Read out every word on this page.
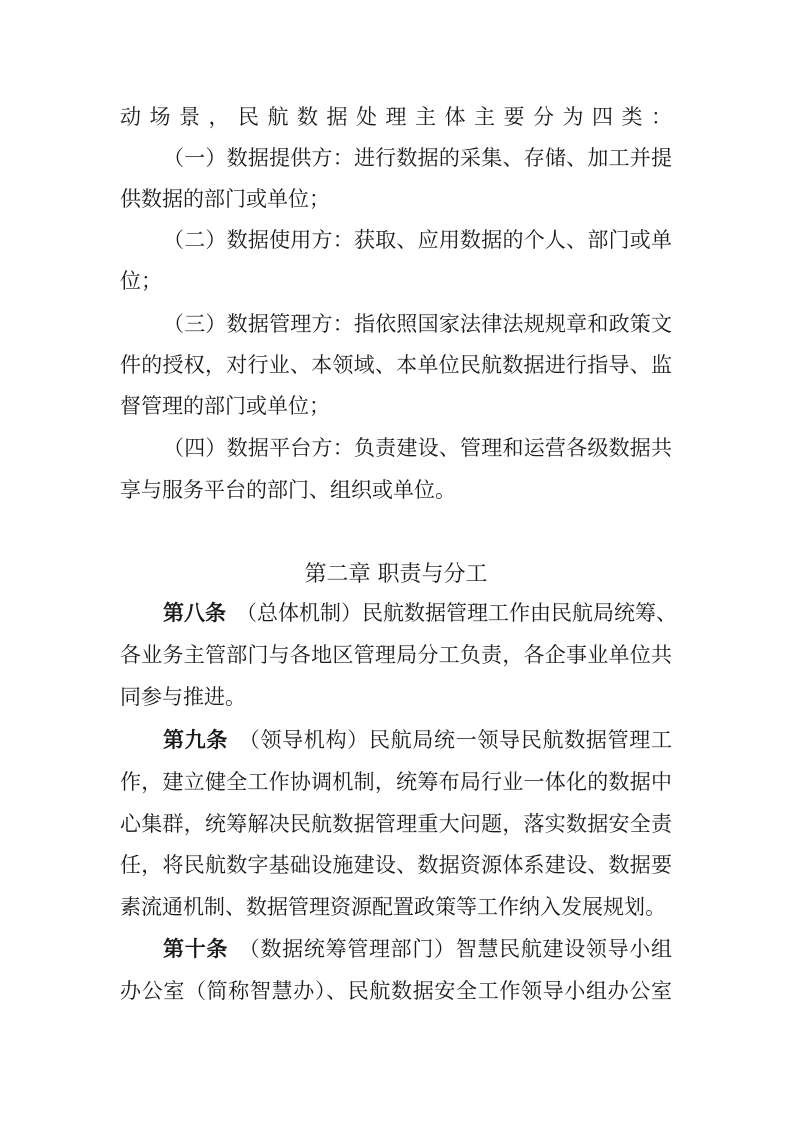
动场景，民航数据处理主体主要分为四类：
（一）数据提供方：进行数据的采集、存储、加工并提
供数据的部门或单位；
（二）数据使用方：获取、应用数据的个人、部门或单
位；
（三）数据管理方：指依照国家法律法规规章和政策文
件的授权，对行业、本领域、本单位民航数据进行指导、监
督管理的部门或单位；
（四）数据平台方：负责建设、管理和运营各级数据共
享与服务平台的部门、组织或单位。
第二章 职责与分工
第八条 （总体机制）民航数据管理工作由民航局统筹、
各业务主管部门与各地区管理局分工负责，各企事业单位共
同参与推进。
第九条 （领导机构）民航局统一领导民航数据管理工
作，建立健全工作协调机制，统筹布局行业一体化的数据中
心集群，统筹解决民航数据管理重大问题，落实数据安全责
任，将民航数字基础设施建设、数据资源体系建设、数据要
素流通机制、数据管理资源配置政策等工作纳入发展规划。
第十条 （数据统筹管理部门）智慧民航建设领导小组
办公室（简称智慧办）、民航数据安全工作领导小组办公室
